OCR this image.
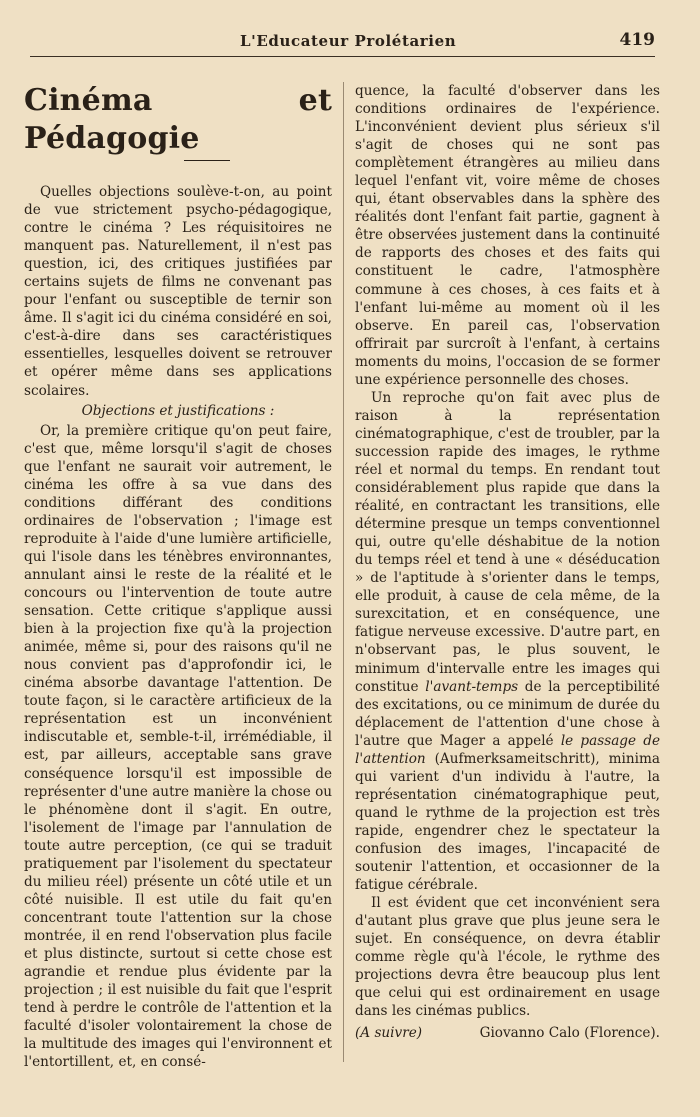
L'Educateur Prolétarien	419

Cinéma et Pédagogie

Quelles objections soulève-t-on, au point de vue strictement psycho-pédagogique, contre le cinéma ? Les réquisitoires ne manquent pas. Naturellement, il n'est pas question, ici, des critiques justifiées par certains sujets de films ne convenant pas pour l'enfant ou susceptible de ternir son âme. Il s'agit ici du cinéma considéré en soi, c'est-à-dire dans ses caractéristiques essentielles, lesquelles doivent se retrouver et opérer même dans ses applications scolaires.

Objections et justifications :

Or, la première critique qu'on peut faire, c'est que, même lorsqu'il s'agit de choses que l'enfant ne saurait voir autrement, le cinéma les offre à sa vue dans des conditions différant des conditions ordinaires de l'observation ; l'image est reproduite à l'aide d'une lumière artificielle, qui l'isole dans les ténèbres environnantes, annulant ainsi le reste de la réalité et le concours ou l'intervention de toute autre sensation. Cette critique s'applique aussi bien à la projection fixe qu'à la projection animée, même si, pour des raisons qu'il ne nous convient pas d'approfondir ici, le cinéma absorbe davantage l'attention. De toute façon, si le caractère artificieux de la représentation est un inconvénient indiscutable et, semble-t-il, irrémédiable, il est, par ailleurs, acceptable sans grave conséquence lorsqu'il est impossible de représenter d'une autre manière la chose ou le phénomène dont il s'agit. En outre, l'isolement de l'image par l'annulation de toute autre perception, (ce qui se traduit pratiquement par l'isolement du spectateur du milieu réel) présente un côté utile et un côté nuisible. Il est utile du fait qu'en concentrant toute l'attention sur la chose montrée, il en rend l'observation plus facile et plus distincte, surtout si cette chose est agrandie et rendue plus évidente par la projection ; il est nuisible du fait que l'esprit tend à perdre le contrôle de l'attention et la faculté d'isoler volontairement la chose de la multitude des images qui l'environnent et l'entortillent, et, en consé-

quence, la faculté d'observer dans les conditions ordinaires de l'expérience. L'inconvénient devient plus sérieux s'il s'agit de choses qui ne sont pas complètement étrangères au milieu dans lequel l'enfant vit, voire même de choses qui, étant observables dans la sphère des réalités dont l'enfant fait partie, gagnent à être observées justement dans la continuité de rapports des choses et des faits qui constituent le cadre, l'atmosphère commune à ces choses, à ces faits et à l'enfant lui-même au moment où il les observe. En pareil cas, l'observation offrirait par surcroît à l'enfant, à certains moments du moins, l'occasion de se former une expérience personnelle des choses.

Un reproche qu'on fait avec plus de raison à la représentation cinématographique, c'est de troubler, par la succession rapide des images, le rythme réel et normal du temps. En rendant tout considérablement plus rapide que dans la réalité, en contractant les transitions, elle détermine presque un temps conventionnel qui, outre qu'elle déshabitue de la notion du temps réel et tend à une « déséducation » de l'aptitude à s'orienter dans le temps, elle produit, à cause de cela même, de la surexcitation, et en conséquence, une fatigue nerveuse excessive. D'autre part, en n'observant pas, le plus souvent, le minimum d'intervalle entre les images qui constitue l'avant-temps de la perceptibilité des excitations, ou ce minimum de durée du déplacement de l'attention d'une chose à l'autre que Mager a appelé le passage de l'attention (Aufmerksameitschritt), minima qui varient d'un individu à l'autre, la représentation cinématographique peut, quand le rythme de la projection est très rapide, engendrer chez le spectateur la confusion des images, l'incapacité de soutenir l'attention, et occasionner de la fatigue cérébrale.

Il est évident que cet inconvénient sera d'autant plus grave que plus jeune sera le sujet. En conséquence, on devra établir comme règle qu'à l'école, le rythme des projections devra être beaucoup plus lent que celui qui est ordinairement en usage dans les cinémas publics.

(A suivre)	Giovanno Calo (Florence).
